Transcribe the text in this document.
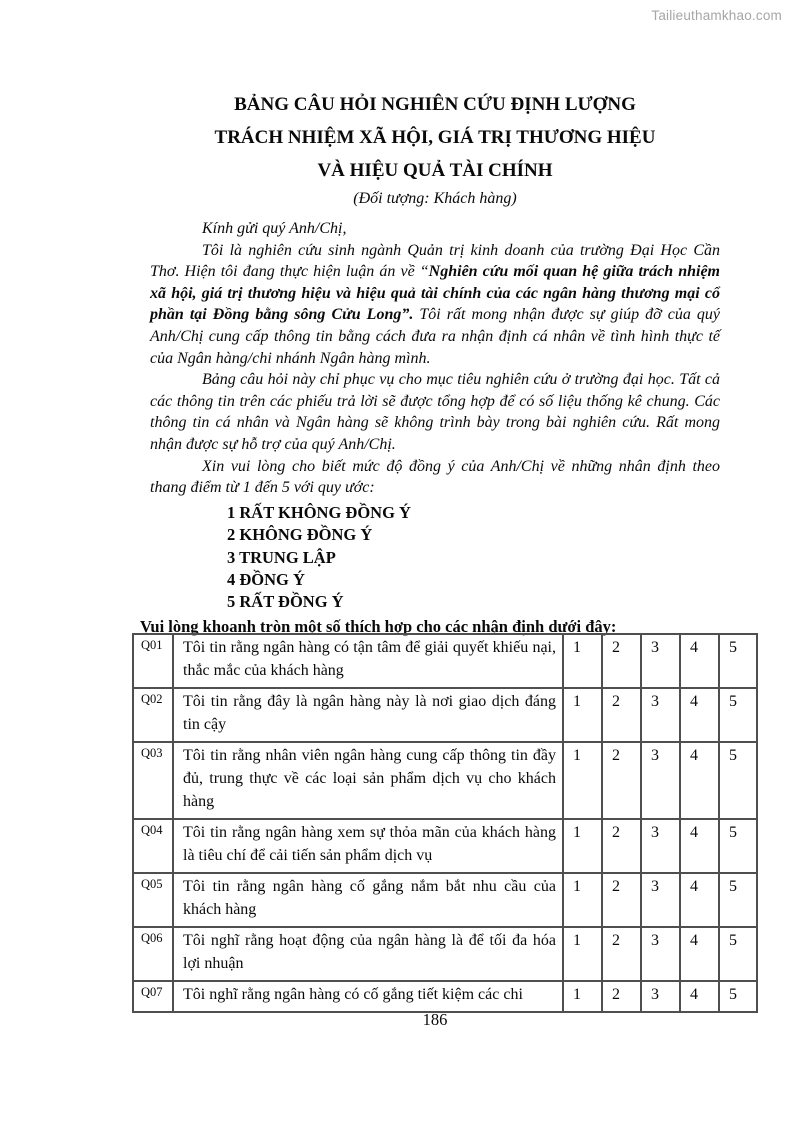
Tailieuthamkhao.com
BẢNG CÂU HỎI NGHIÊN CỨU ĐỊNH LƯỢNG
TRÁCH NHIỆM XÃ HỘI, GIÁ TRỊ THƯƠNG HIỆU
VÀ HIỆU QUẢ TÀI CHÍNH
(Đối tượng: Khách hàng)

Kính gửi quý Anh/Chị,

Tôi là nghiên cứu sinh ngành Quản trị kinh doanh của trường Đại Học Cần Thơ. Hiện tôi đang thực hiện luận án về “Nghiên cứu mối quan hệ giữa trách nhiệm xã hội, giá trị thương hiệu và hiệu quả tài chính của các ngân hàng thương mại cổ phần tại Đồng bằng sông Cửu Long”. Tôi rất mong nhận được sự giúp đỡ của quý Anh/Chị cung cấp thông tin bằng cách đưa ra nhận định cá nhân về tình hình thực tế của Ngân hàng/chi nhánh Ngân hàng mình.

Bảng câu hỏi này chỉ phục vụ cho mục tiêu nghiên cứu ở trường đại học. Tất cả các thông tin trên các phiếu trả lời sẽ được tổng hợp để có số liệu thống kê chung. Các thông tin cá nhân và Ngân hàng sẽ không trình bày trong bài nghiên cứu. Rất mong nhận được sự hỗ trợ của quý Anh/Chị.

Xin vui lòng cho biết mức độ đồng ý của Anh/Chị về những nhân định theo thang điểm từ 1 đến 5 với quy ước:

1 RẤT KHÔNG ĐỒNG Ý
2 KHÔNG ĐỒNG Ý
3 TRUNG LẬP
4 ĐỒNG Ý
5 RẤT ĐỒNG Ý
Vui lòng khoanh tròn một số thích hợp cho các nhận định dưới đây:
Q01	Tôi tin rằng ngân hàng có tận tâm để giải quyết khiếu nại, thắc mắc của khách hàng	1	2	3	4	5
Q02	Tôi tin rằng đây là ngân hàng này là nơi giao dịch đáng tin cậy	1	2	3	4	5
Q03	Tôi tin rằng nhân viên ngân hàng cung cấp thông tin đầy đủ, trung thực về các loại sản phẩm dịch vụ cho khách hàng	1	2	3	4	5
Q04	Tôi tin rằng ngân hàng xem sự thỏa mãn của khách hàng là tiêu chí để cải tiến sản phẩm dịch vụ	1	2	3	4	5
Q05	Tôi tin rằng ngân hàng cố gắng nắm bắt nhu cầu của khách hàng	1	2	3	4	5
Q06	Tôi nghĩ rằng hoạt động của ngân hàng là để tối đa hóa lợi nhuận	1	2	3	4	5
Q07	Tôi nghĩ rằng ngân hàng có cố gắng tiết kiệm các chi	1	2	3	4	5
186
